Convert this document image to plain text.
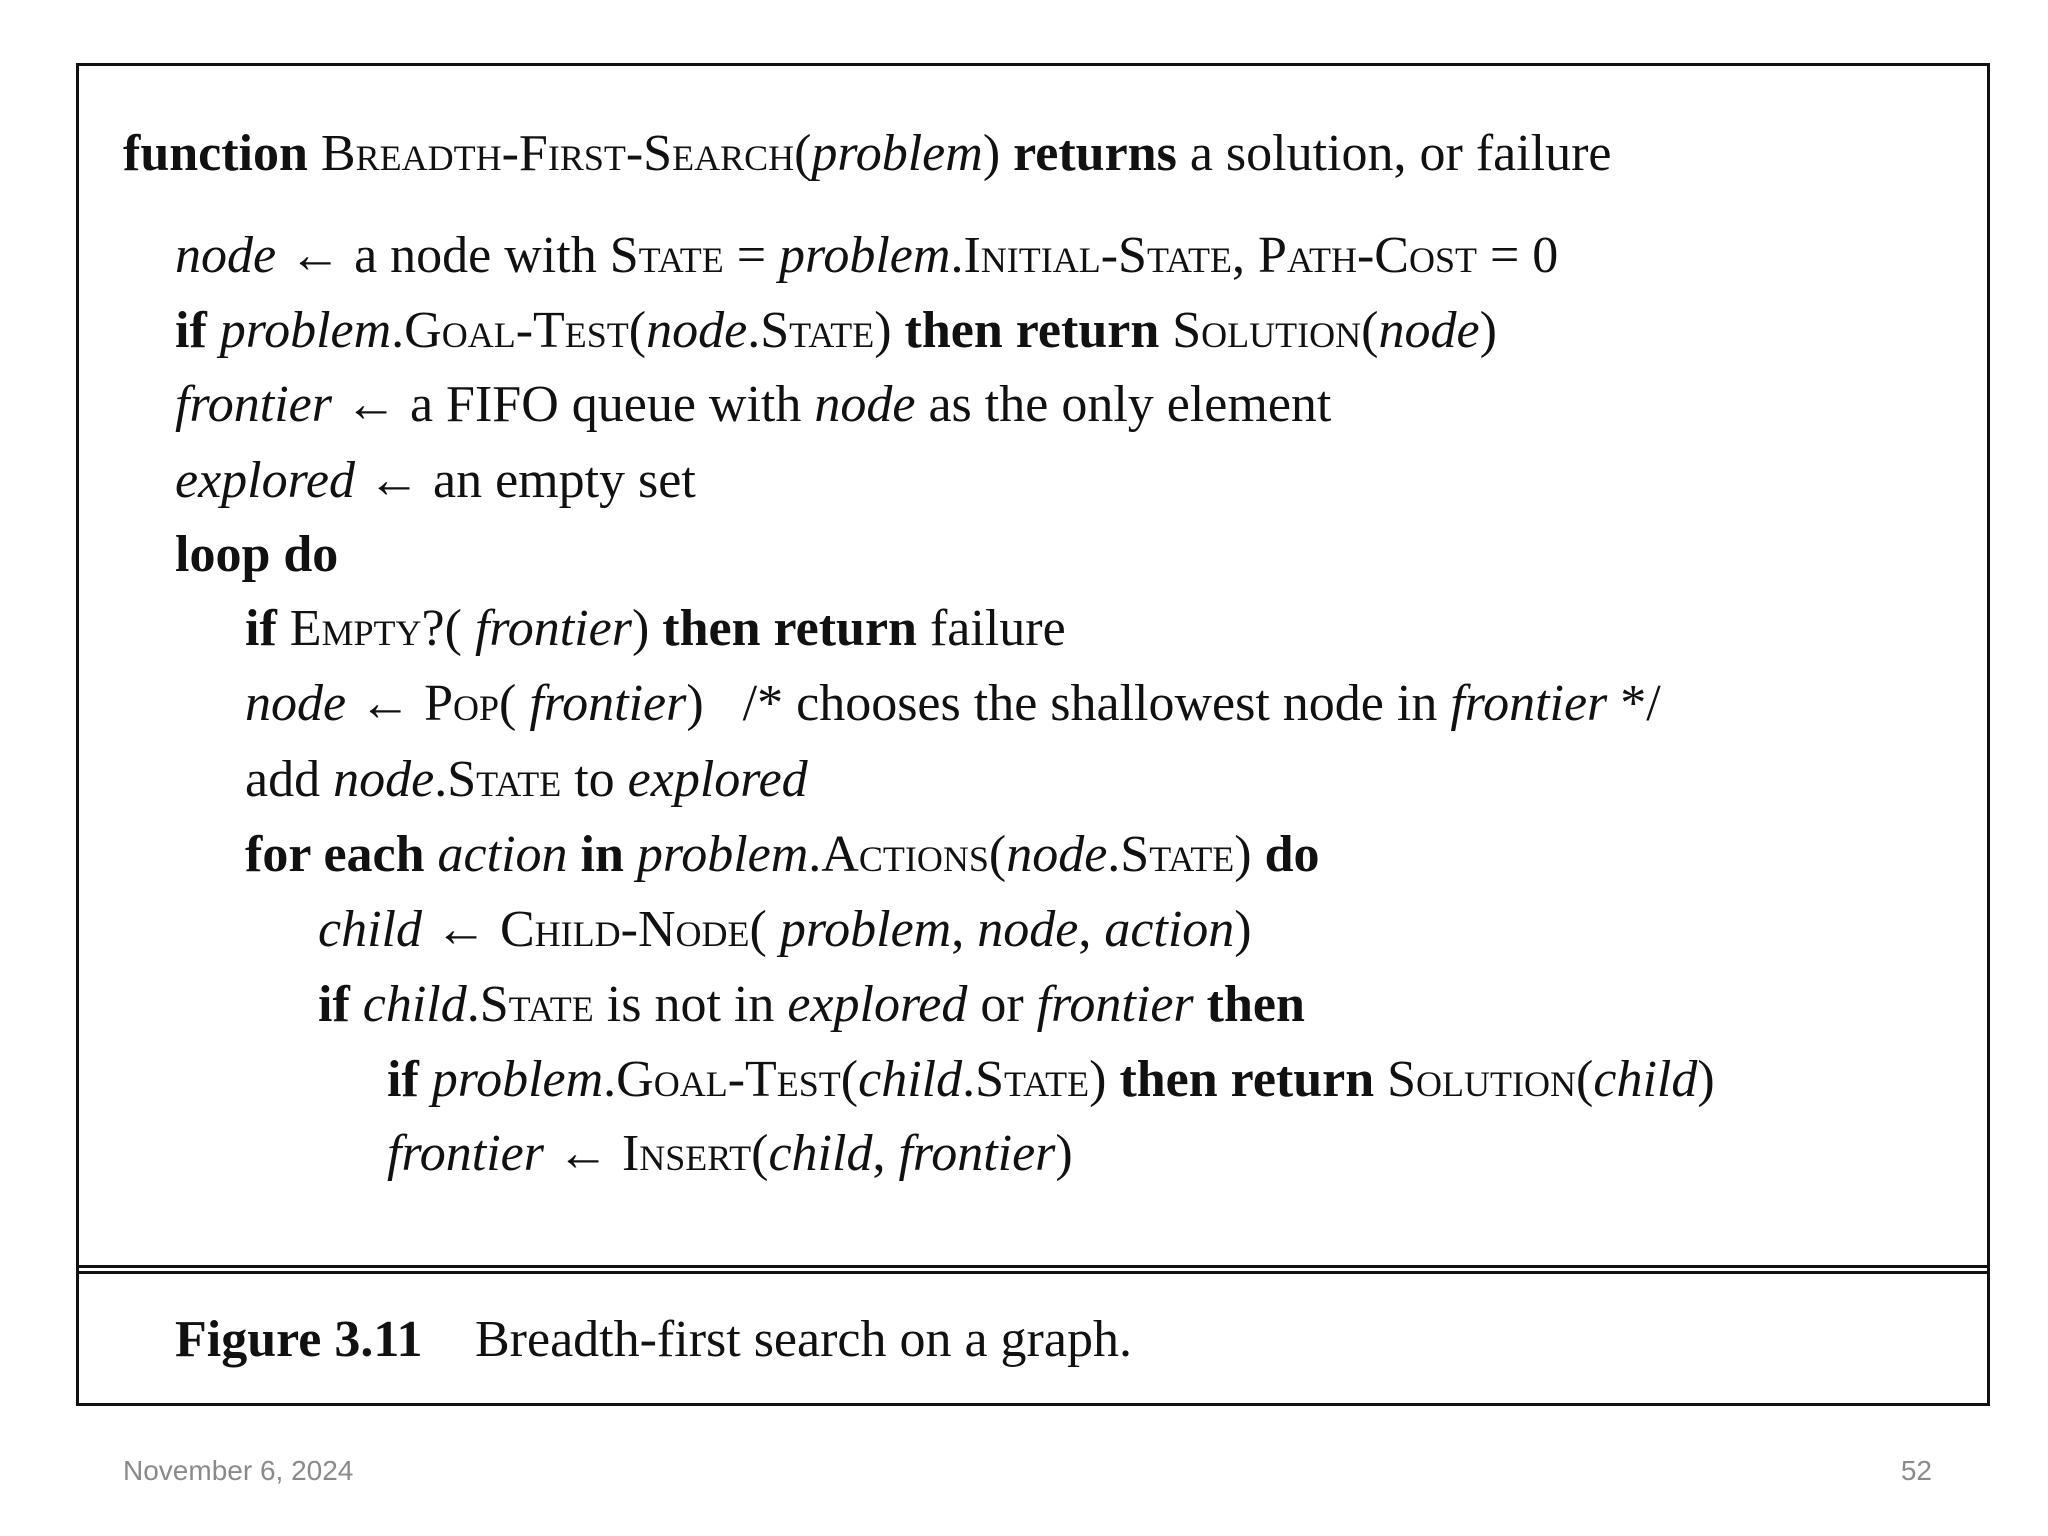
function Breadth-First-Search(problem) returns a solution, or failure
node ← a node with State = problem.Initial-State, Path-Cost = 0
if problem.Goal-Test(node.State) then return Solution(node)
frontier ← a FIFO queue with node as the only element
explored ← an empty set
loop do
if Empty?( frontier) then return failure
node ← Pop( frontier)   /* chooses the shallowest node in frontier */
add node.State to explored
for each action in problem.Actions(node.State) do
child ← Child-Node( problem, node, action)
if child.State is not in explored or frontier then
if problem.Goal-Test(child.State) then return Solution(child)
frontier ← Insert(child, frontier)
Figure 3.11 Breadth-first search on a graph.
November 6, 2024	52
